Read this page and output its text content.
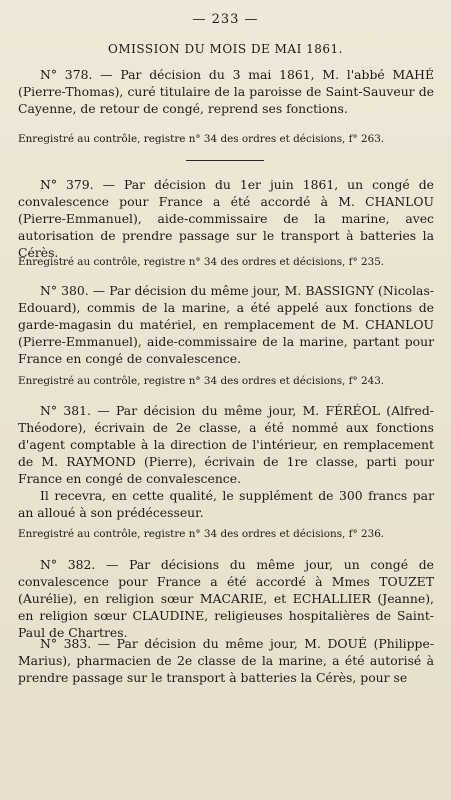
— 233 —
OMISSION DU MOIS DE MAI 1861.
N° 378. — Par décision du 3 mai 1861, M. l'abbé MAHÉ (Pierre-Thomas), curé titulaire de la paroisse de Saint-Sauveur de Cayenne, de retour de congé, reprend ses fonctions.
Enregistré au contrôle, registre n° 34 des ordres et décisions, f° 263.
N° 379. — Par décision du 1er juin 1861, un congé de convalescence pour France a été accordé à M. CHANLOU (Pierre-Emmanuel), aide-commissaire de la marine, avec autorisation de prendre passage sur le transport à batteries la Cérès.
Enregistré au contrôle, registre n° 34 des ordres et décisions, f° 235.
N° 380. — Par décision du même jour, M. BASSIGNY (Nicolas-Edouard), commis de la marine, a été appelé aux fonctions de garde-magasin du matériel, en remplacement de M. CHANLOU (Pierre-Emmanuel), aide-commissaire de la marine, partant pour France en congé de convalescence.
Enregistré au contrôle, registre n° 34 des ordres et décisions, f° 243.
N° 381. — Par décision du même jour, M. FÉRÉOL (Alfred-Théodore), écrivain de 2e classe, a été nommé aux fonctions d'agent comptable à la direction de l'intérieur, en remplacement de M. RAYMOND (Pierre), écrivain de 1re classe, parti pour France en congé de convalescence.
Il recevra, en cette qualité, le supplément de 300 francs par an alloué à son prédécesseur.
Enregistré au contrôle, registre n° 34 des ordres et décisions, f° 236.
N° 382. — Par décisions du même jour, un congé de convalescence pour France a été accordé à Mmes TOUZET (Aurélie), en religion sœur MACARIE, et ECHALLIER (Jeanne), en religion sœur CLAUDINE, religieuses hospitalières de Saint-Paul de Chartres.
N° 383. — Par décision du même jour, M. DOUÉ (Philippe-Marius), pharmacien de 2e classe de la marine, a été autorisé à prendre passage sur le transport à batteries la Cérès, pour se
